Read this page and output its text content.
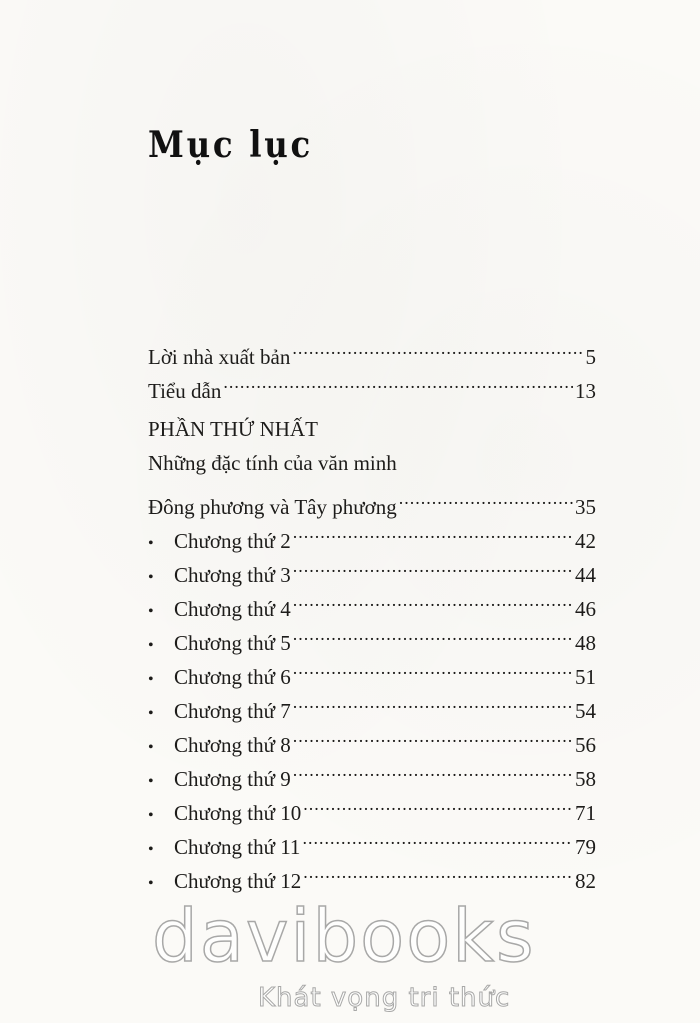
Mục lục
Lời nhà xuất bản .....	5
Tiểu dẫn .....	13
PHẦN THỨ NHẤT
Những đặc tính của văn minh
Đông phương và Tây phương .....	35
• Chương thứ 2 .....	42
• Chương thứ 3 .....	44
• Chương thứ 4 .....	46
• Chương thứ 5 .....	48
• Chương thứ 6 .....	51
• Chương thứ 7 .....	54
• Chương thứ 8 .....	56
• Chương thứ 9 .....	58
• Chương thứ 10 .....	71
• Chương thứ 11 .....	79
• Chương thứ 12 .....	82
davibooks
Khát vọng tri thức
